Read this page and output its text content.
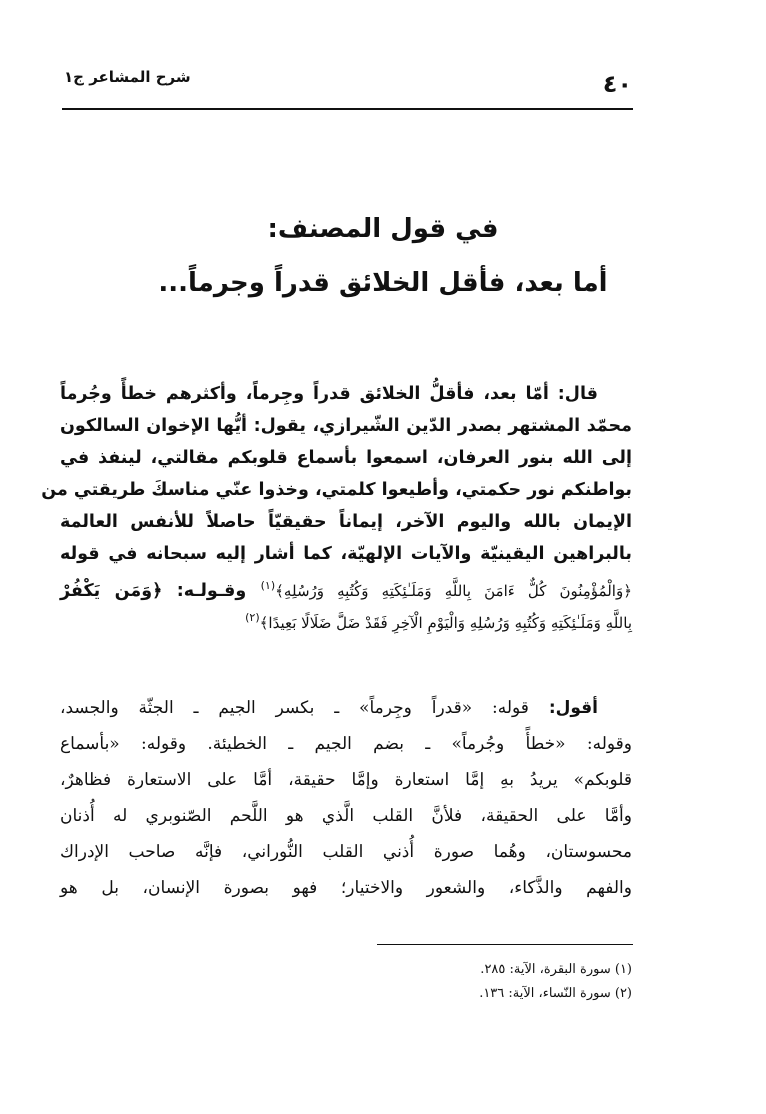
٤٠
شرح المشاعر ج١
في قول المصنف:
أما بعد، فأقل الخلائق قدراً وجرماً...
قال: أمّا بعد، فأقلُّ الخلائق قدراً وجِرماً، وأكثرهم خطأً وجُرماً
محمّد المشتهر بصدر الدّين الشّيرازي، يقول: أيُّها الإخوان السالكون
إلى الله بنور العرفان، اسمعوا بأسماع قلوبكم مقالتي، لينفذ في
بواطنكم نور حكمتي، وأطيعوا كلمتي، وخذوا عنّي مناسكَ طريقتي من
الإيمان بالله واليوم الآخر، إيماناً حقيقيّاً حاصلاً للأنفس العالمة
بالبراهين اليقينيّة والآيات الإلهيّة، كما أشار إليه سبحانه في قوله
﴿وَالْمُؤْمِنُونَ كُلٌّ ءَامَنَ بِاللَّهِ وَمَلَـٰئِكَتِهِ وَكُتُبِهِ وَرُسُلِهِ﴾$^{(١)}$ وقـولـه: ﴿وَمَن يَكْفُرْ
بِاللَّهِ وَمَلَـٰئِكَتِهِ وَكُتُبِهِ وَرُسُلِهِ وَالْيَوْمِ الْآخِرِ فَقَدْ ضَلَّ ضَلَالًا بَعِيدًا﴾$^{(٢)}$
أقول: قوله: «قدراً وجِرماً» ـ بكسر الجيم ـ الجثّة والجسد،
وقوله: «خطأً وجُرماً» ـ بضم الجيم ـ الخطيئة. وقوله: «بأسماع
قلوبكم» يريدُ بهِ إمَّا استعارة وإمَّا حقيقة، أمَّا على الاستعارة فظاهرٌ،
وأمَّا على الحقيقة، فلأنَّ القلب الَّذي هو اللَّحم الصّنوبري له أُذنان
محسوستان، وهُما صورة أُذني القلب النُّوراني، فإنَّه صاحب الإدراك
والفهم والذَّكاء، والشعور والاختيار؛ فهو بصورة الإنسان، بل هو
(١) سورة البقرة، الآية: ٢٨٥.
(٢) سورة النّساء، الآية: ١٣٦.
